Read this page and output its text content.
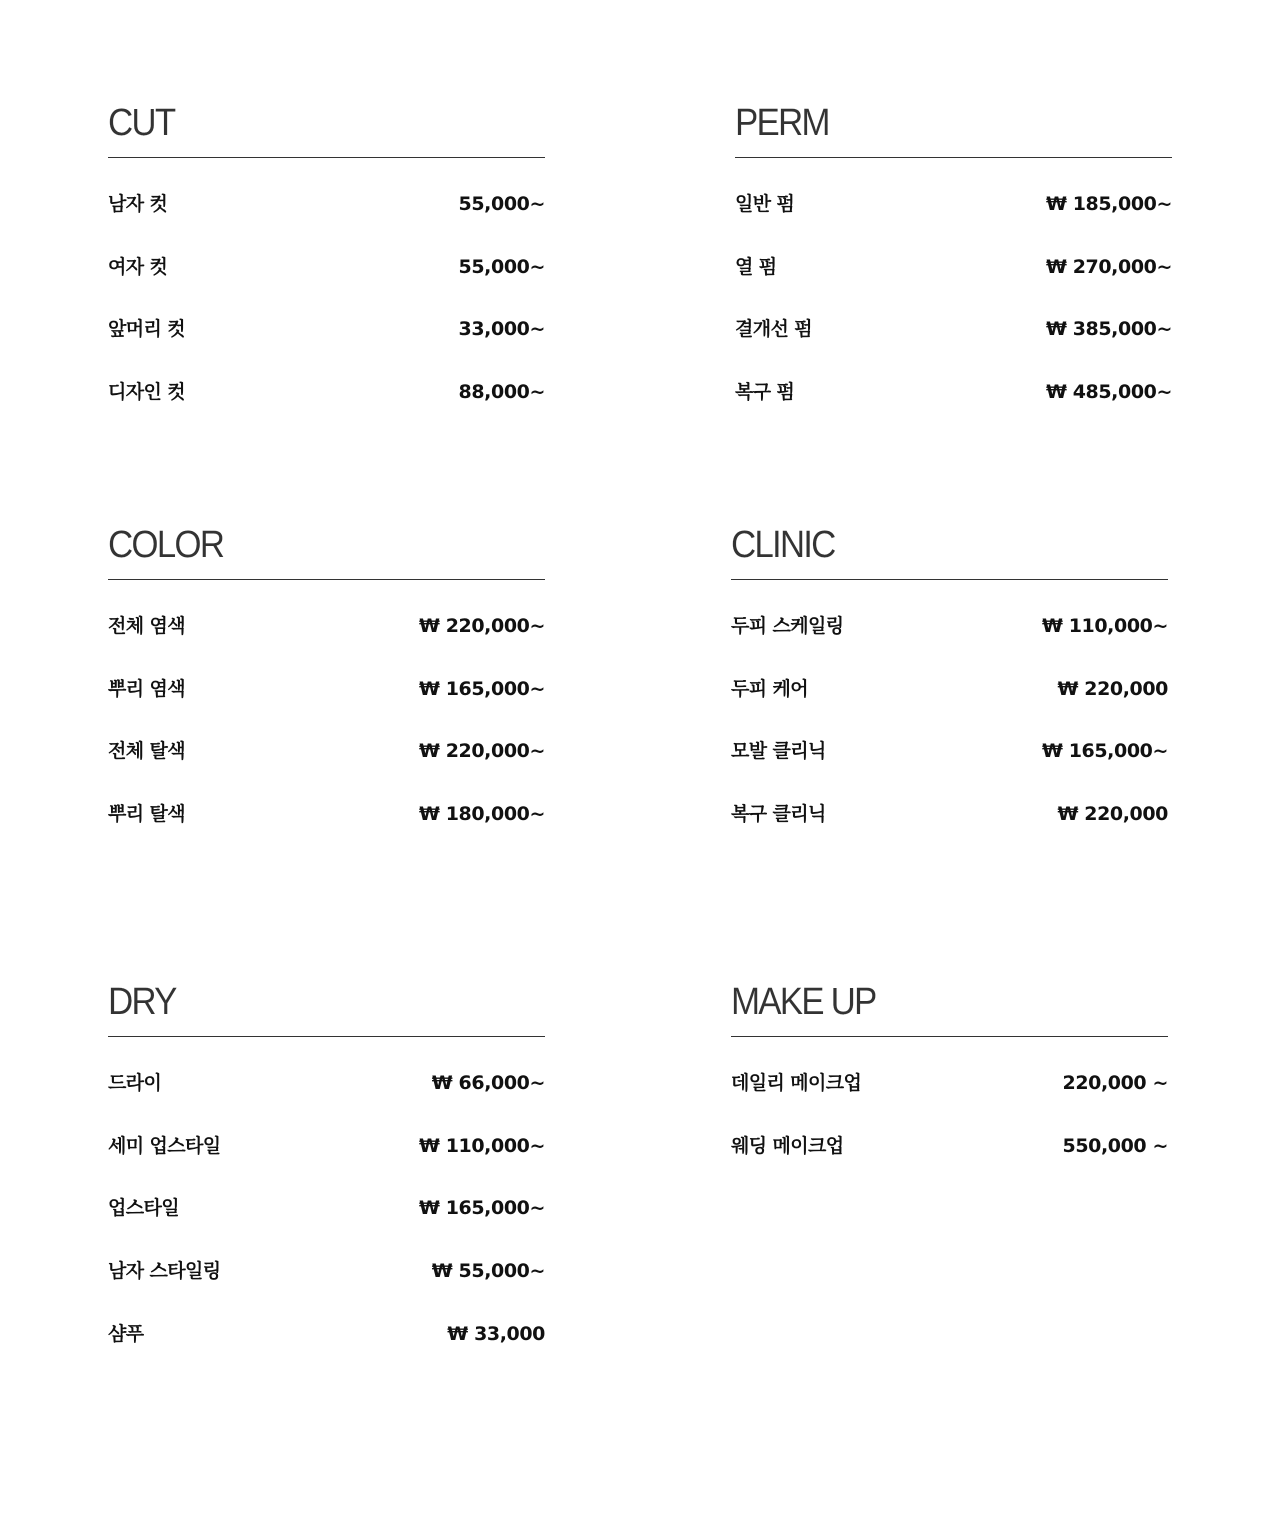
CUT
남자 컷	55,000~
여자 컷	55,000~
앞머리 컷	33,000~
디자인 컷	88,000~
PERM
일반 펌	₩ 185,000~
열 펌	₩ 270,000~
결개선 펌	₩ 385,000~
복구 펌	₩ 485,000~
COLOR
전체 염색	₩ 220,000~
뿌리 염색	₩ 165,000~
전체 탈색	₩ 220,000~
뿌리 탈색	₩ 180,000~
CLINIC
두피 스케일링	₩ 110,000~
두피 케어	₩ 220,000
모발 클리닉	₩ 165,000~
복구 클리닉	₩ 220,000
DRY
드라이	₩ 66,000~
세미 업스타일	₩ 110,000~
업스타일	₩ 165,000~
남자 스타일링	₩ 55,000~
샴푸	₩ 33,000
MAKE UP
데일리 메이크업	220,000 ~
웨딩 메이크업	550,000 ~
